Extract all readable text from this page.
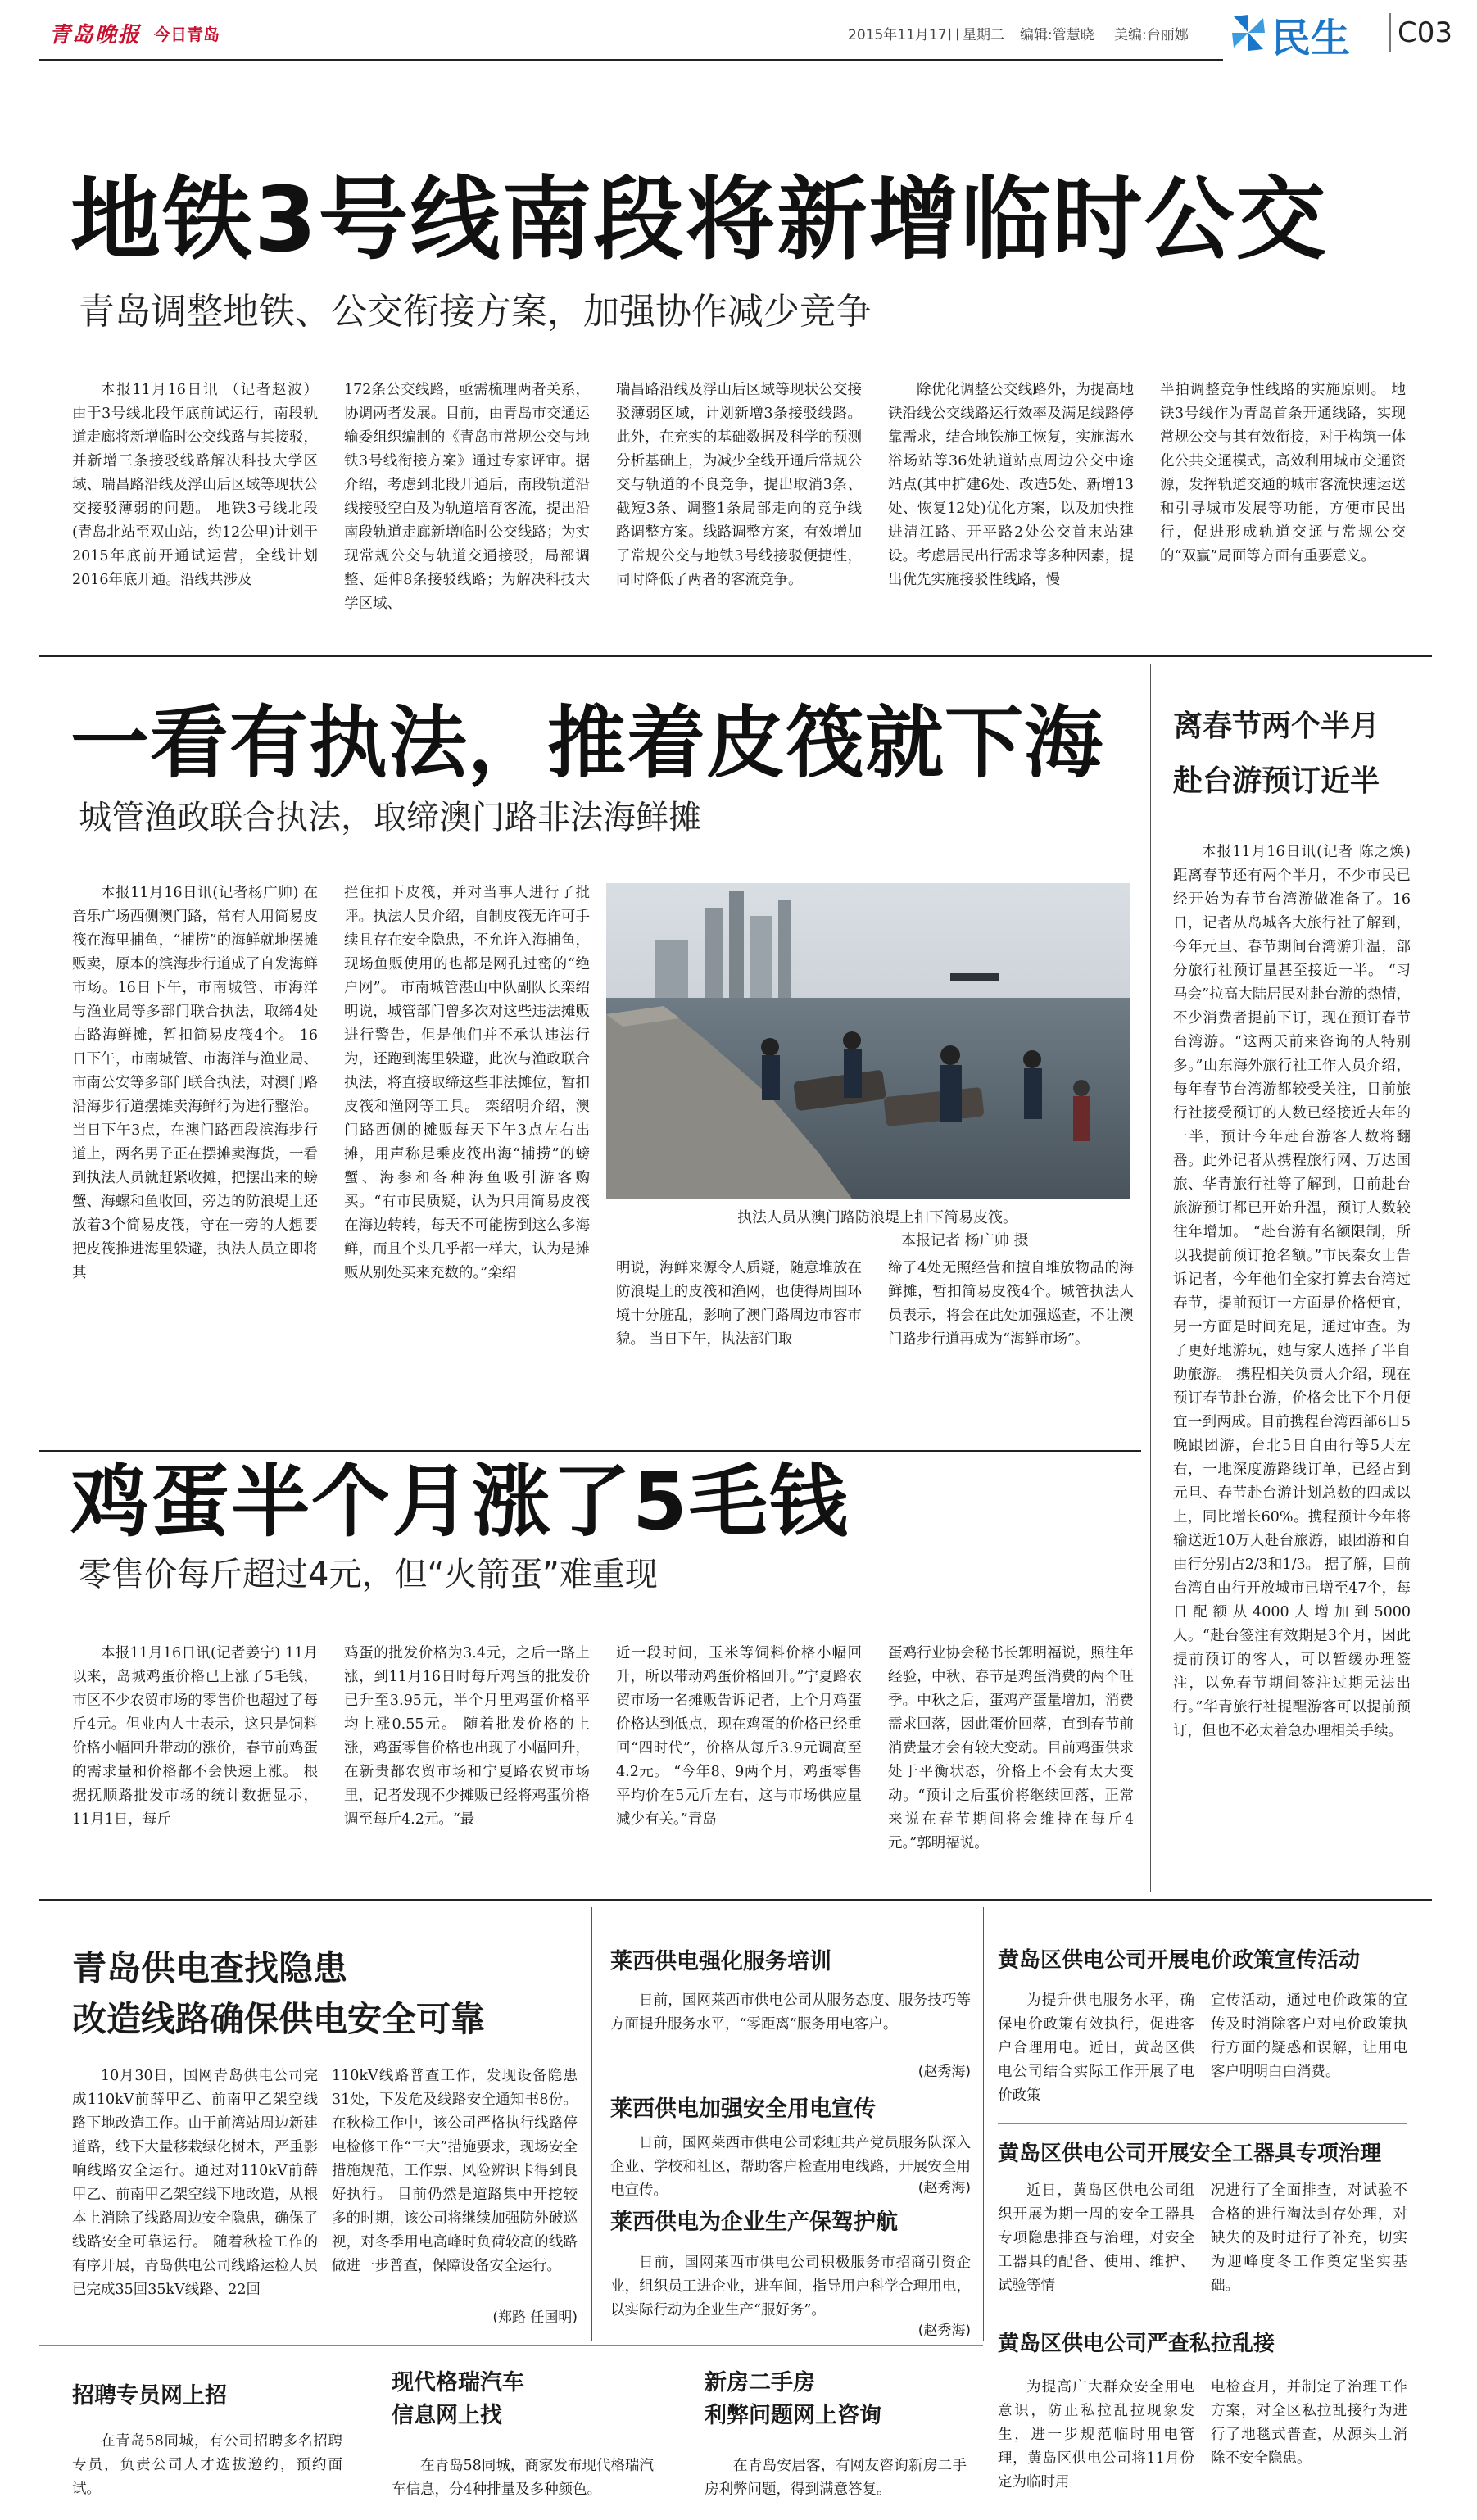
青岛晚报 今日青岛	2015年11月17日 星期二 编辑:管慧晓 美编:台丽娜 民生 C03
地铁3号线南段将新增临时公交
青岛调整地铁、公交衔接方案，加强协作减少竞争
本报11月16日讯 （记者赵波） 由于3号线北段年底前试运行，南段轨道走廊将新增临时公交线路与其接驳，并新增三条接驳线路解决科技大学区域、瑞昌路沿线及浮山后区域等现状公交接驳薄弱的问题。 地铁3号线北段(青岛北站至双山站，约12公里)计划于2015年底前开通试运营，全线计划2016年底开通。沿线共涉及
172条公交线路，亟需梳理两者关系，协调两者发展。目前，由青岛市交通运输委组织编制的《青岛市常规公交与地铁3号线衔接方案》通过专家评审。据介绍，考虑到北段开通后，南段轨道沿线接驳空白及为轨道培育客流，提出沿南段轨道走廊新增临时公交线路；为实现常规公交与轨道交通接驳，局部调整、延伸8条接驳线路；为解决科技大学区域、
瑞昌路沿线及浮山后区域等现状公交接驳薄弱区域，计划新增3条接驳线路。此外，在充实的基础数据及科学的预测分析基础上，为减少全线开通后常规公交与轨道的不良竞争，提出取消3条、截短3条、调整1条局部走向的竞争线路调整方案。线路调整方案，有效增加了常规公交与地铁3号线接驳便捷性，同时降低了两者的客流竞争。
除优化调整公交线路外，为提高地铁沿线公交线路运行效率及满足线路停靠需求，结合地铁施工恢复，实施海水浴场站等36处轨道站点周边公交中途站点(其中扩建6处、改造5处、新增13处、恢复12处)优化方案，以及加快推进清江路、开平路2处公交首末站建设。考虑居民出行需求等多种因素，提出优先实施接驳性线路，慢
半拍调整竞争性线路的实施原则。 地铁3号线作为青岛首条开通线路，实现常规公交与其有效衔接，对于构筑一体化公共交通模式，高效利用城市交通资源，发挥轨道交通的城市客流快速运送和引导城市发展等功能，方便市民出行，促进形成轨道交通与常规公交的“双赢”局面等方面有重要意义。
一看有执法，推着皮筏就下海
城管渔政联合执法，取缔澳门路非法海鲜摊
本报11月16日讯(记者杨广帅) 在音乐广场西侧澳门路，常有人用简易皮筏在海里捕鱼，“捕捞”的海鲜就地摆摊贩卖，原本的滨海步行道成了自发海鲜市场。16日下午，市南城管、市海洋与渔业局等多部门联合执法，取缔4处占路海鲜摊，暂扣简易皮筏4个。 16日下午，市南城管、市海洋与渔业局、市南公安等多部门联合执法，对澳门路沿海步行道摆摊卖海鲜行为进行整治。当日下午3点，在澳门路西段滨海步行道上，两名男子正在摆摊卖海货，一看到执法人员就赶紧收摊，把摆出来的螃蟹、海螺和鱼收回，旁边的防浪堤上还放着3个简易皮筏，守在一旁的人想要把皮筏推进海里躲避，执法人员立即将其
拦住扣下皮筏，并对当事人进行了批评。执法人员介绍，自制皮筏无许可手续且存在安全隐患，不允许入海捕鱼，现场鱼贩使用的也都是网孔过密的“绝户网”。 市南城管湛山中队副队长栾绍明说，城管部门曾多次对这些违法摊贩进行警告，但是他们并不承认违法行为，还跑到海里躲避，此次与渔政联合执法，将直接取缔这些非法摊位，暂扣皮筏和渔网等工具。 栾绍明介绍，澳门路西侧的摊贩每天下午3点左右出摊，用声称是乘皮筏出海“捕捞”的螃蟹、海参和各种海鱼吸引游客购买。“有市民质疑，认为只用简易皮筏在海边转转，每天不可能捞到这么多海鲜，而且个头几乎都一样大，认为是摊贩从别处买来充数的。”栾绍
执法人员从澳门路防浪堤上扣下简易皮筏。
本报记者 杨广帅 摄
明说，海鲜来源令人质疑，随意堆放在防浪堤上的皮筏和渔网，也使得周围环境十分脏乱，影响了澳门路周边市容市貌。 当日下午，执法部门取
缔了4处无照经营和擅自堆放物品的海鲜摊，暂扣简易皮筏4个。城管执法人员表示，将会在此处加强巡查，不让澳门路步行道再成为“海鲜市场”。
鸡蛋半个月涨了5毛钱
零售价每斤超过4元，但“火箭蛋”难重现
本报11月16日讯(记者姜宁) 11月以来，岛城鸡蛋价格已上涨了5毛钱，市区不少农贸市场的零售价也超过了每斤4元。但业内人士表示，这只是饲料价格小幅回升带动的涨价，春节前鸡蛋的需求量和价格都不会快速上涨。 根据抚顺路批发市场的统计数据显示，11月1日，每斤
鸡蛋的批发价格为3.4元，之后一路上涨，到11月16日时每斤鸡蛋的批发价已升至3.95元，半个月里鸡蛋价格平均上涨0.55元。 随着批发价格的上涨，鸡蛋零售价格也出现了小幅回升，在新贵都农贸市场和宁夏路农贸市场里，记者发现不少摊贩已经将鸡蛋价格调至每斤4.2元。“最
近一段时间，玉米等饲料价格小幅回升，所以带动鸡蛋价格回升。”宁夏路农贸市场一名摊贩告诉记者，上个月鸡蛋价格达到低点，现在鸡蛋的价格已经重回“四时代”，价格从每斤3.9元调高至4.2元。 “今年8、9两个月，鸡蛋零售平均价在5元斤左右，这与市场供应量减少有关。”青岛
蛋鸡行业协会秘书长郭明福说，照往年经验，中秋、春节是鸡蛋消费的两个旺季。中秋之后，蛋鸡产蛋量增加，消费需求回落，因此蛋价回落，直到春节前消费量才会有较大变动。目前鸡蛋供求处于平衡状态，价格上不会有太大变动。“预计之后蛋价将继续回落，正常来说在春节期间将会维持在每斤4元。”郭明福说。
离春节两个半月
赴台游预订近半
本报11月16日讯(记者 陈之焕) 距离春节还有两个半月，不少市民已经开始为春节台湾游做准备了。16日，记者从岛城各大旅行社了解到，今年元旦、春节期间台湾游升温，部分旅行社预订量甚至接近一半。 “习马会”拉高大陆居民对赴台游的热情，不少消费者提前下订，现在预订春节台湾游。“这两天前来咨询的人特别多。”山东海外旅行社工作人员介绍，每年春节台湾游都较受关注，目前旅行社接受预订的人数已经接近去年的一半，预计今年赴台游客人数将翻番。此外记者从携程旅行网、万达国旅、华青旅行社等了解到，目前赴台旅游预订都已开始升温，预订人数较往年增加。 “赴台游有名额限制，所以我提前预订抢名额。”市民秦女士告诉记者，今年他们全家打算去台湾过春节，提前预订一方面是价格便宜，另一方面是时间充足，通过审查。为了更好地游玩，她与家人选择了半自助旅游。 携程相关负责人介绍，现在预订春节赴台游，价格会比下个月便宜一到两成。目前携程台湾西部6日5晚跟团游，台北5日自由行等5天左右，一地深度游路线订单，已经占到元旦、春节赴台游计划总数的四成以上，同比增长60%。携程预计今年将输送近10万人赴台旅游，跟团游和自由行分别占2/3和1/3。 据了解，目前台湾自由行开放城市已增至47个，每日配额从4000人增加到5000人。“赴台签注有效期是3个月，因此提前预订的客人，可以暂缓办理签注，以免春节期间签注过期无法出行。”华青旅行社提醒游客可以提前预订，但也不必太着急办理相关手续。
青岛供电查找隐患
改造线路确保供电安全可靠
10月30日，国网青岛供电公司完成110kV前薛甲乙、前南甲乙架空线路下地改造工作。由于前湾站周边新建道路，线下大量移栽绿化树木，严重影响线路安全运行。通过对110kV前薛甲乙、前南甲乙架空线下地改造，从根本上消除了线路周边安全隐患，确保了线路安全可靠运行。 随着秋检工作的有序开展，青岛供电公司线路运检人员已完成35回35kV线路、22回
110kV线路普查工作，发现设备隐患31处，下发危及线路安全通知书8份。在秋检工作中，该公司严格执行线路停电检修工作“三大”措施要求，现场安全措施规范，工作票、风险辨识卡得到良好执行。 目前仍然是道路集中开挖较多的时期，该公司将继续加强防外破巡视，对冬季用电高峰时负荷较高的线路做进一步普查，保障设备安全运行。
(郑路 任国明)
莱西供电强化服务培训
日前，国网莱西市供电公司从服务态度、服务技巧等方面提升服务水平，“零距离”服务用电客户。
(赵秀海)
莱西供电加强安全用电宣传
日前，国网莱西市供电公司彩虹共产党员服务队深入企业、学校和社区，帮助客户检查用电线路，开展安全用电宣传。	(赵秀海)
莱西供电为企业生产保驾护航
日前，国网莱西市供电公司积极服务市招商引资企业，组织员工进企业，进车间，指导用户科学合理用电，以实际行动为企业生产“服好务”。
(赵秀海)
黄岛区供电公司开展电价政策宣传活动
为提升供电服务水平，确保电价政策有效执行，促进客户合理用电。近日，黄岛区供电公司结合实际工作开展了电价政策
宣传活动，通过电价政策的宣传及时消除客户对电价政策执行方面的疑惑和误解，让用电客户明明白白消费。
黄岛区供电公司开展安全工器具专项治理
近日，黄岛区供电公司组织开展为期一周的安全工器具专项隐患排查与治理，对安全工器具的配备、使用、维护、试验等情
况进行了全面排查，对试验不合格的进行淘汰封存处理，对缺失的及时进行了补充，切实为迎峰度冬工作奠定坚实基础。
黄岛区供电公司严查私拉乱接
为提高广大群众安全用电意识，防止私拉乱拉现象发生，进一步规范临时用电管理，黄岛区供电公司将11月份定为临时用
电检查月，并制定了治理工作方案，对全区私拉乱接行为进行了地毯式普查，从源头上消除不安全隐患。
招聘专员网上招
在青岛58同城，有公司招聘多名招聘专员，负责公司人才选拔邀约，预约面试。
现代格瑞汽车
信息网上找
在青岛58同城，商家发布现代格瑞汽车信息，分4种排量及多种颜色。
新房二手房
利弊问题网上咨询
在青岛安居客，有网友咨询新房二手房利弊问题，得到满意答复。
